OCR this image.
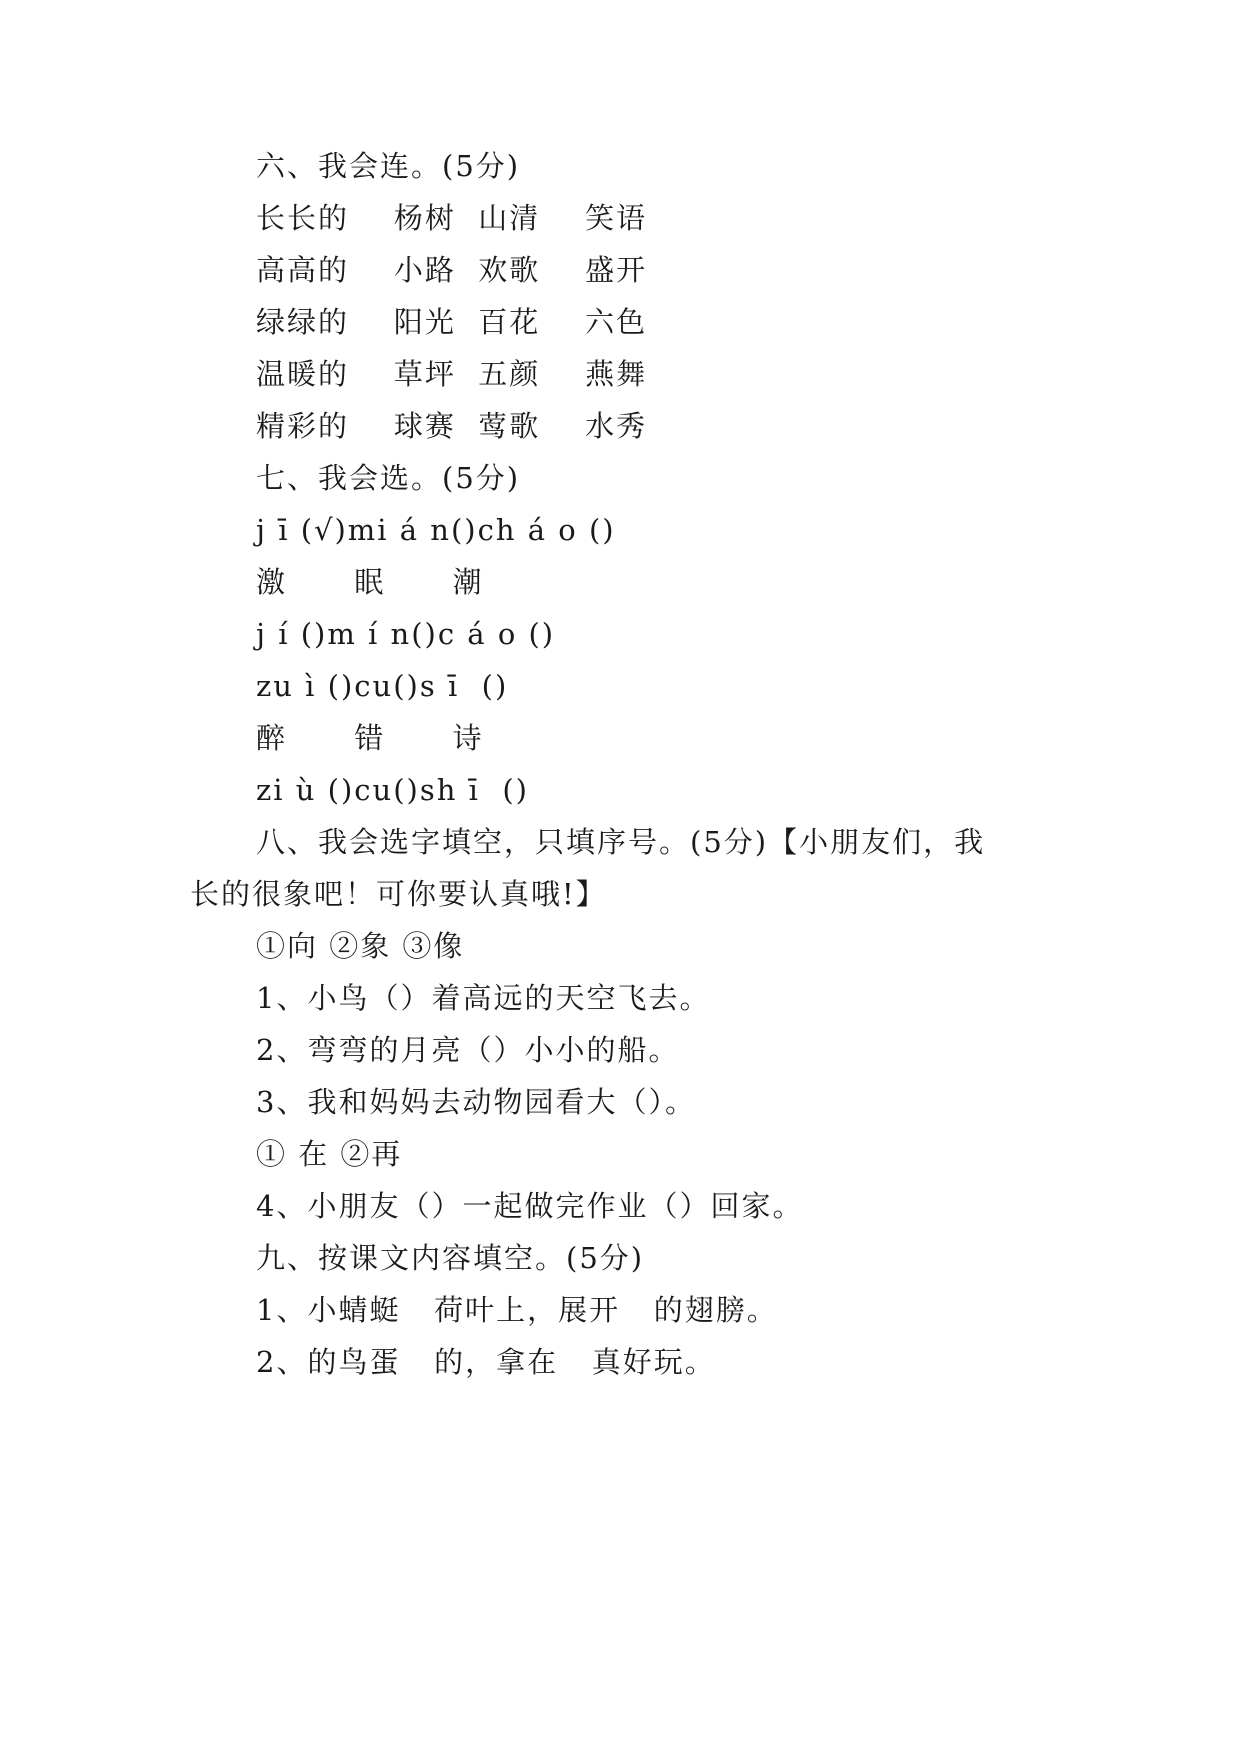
六、我会连。(5分)
长长的    杨树  山清    笑语
高高的    小路  欢歌    盛开
绿绿的    阳光  百花    六色
温暖的    草坪  五颜    燕舞
精彩的    球赛  莺歌    水秀
七、我会选。(5分)
j ī (√)mi á n()ch á o ()
激      眠      潮
j í ()m í n()c á o ()
zu ì ()cu()s ī  ()
醉      错      诗
zi ù ()cu()sh ī  ()
八、我会选字填空，只填序号。(5分)【小朋友们，我
长的很象吧！可你要认真哦!】
①向 ②象 ③像
1、小鸟（）着高远的天空飞去。
2、弯弯的月亮（）小小的船。
3、我和妈妈去动物园看大（）。
① 在 ②再
4、小朋友（）一起做完作业（）回家。
九、按课文内容填空。(5分)
1、小蜻蜓   荷叶上，展开   的翅膀。
2、的鸟蛋   的，拿在   真好玩。
